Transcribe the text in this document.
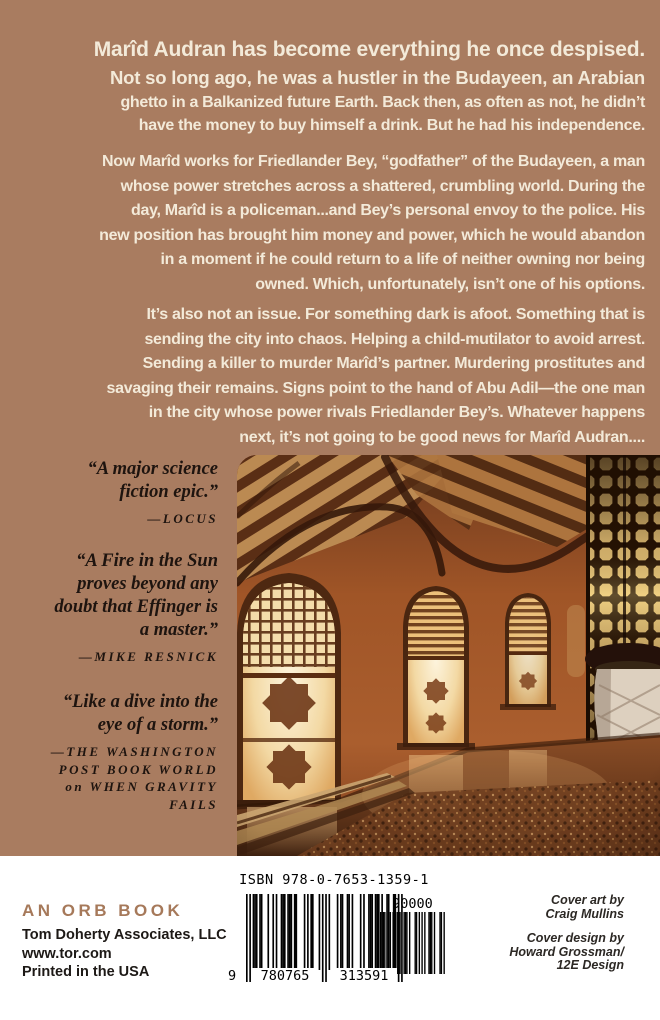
Marîd Audran has become everything he once despised.
Not so long ago, he was a hustler in the Budayeen, an Arabian
ghetto in a Balkanized future Earth. Back then, as often as not, he didn’t
have the money to buy himself a drink. But he had his independence.
Now Marîd works for Friedlander Bey, “godfather” of the Budayeen, a man
whose power stretches across a shattered, crumbling world. During the
day, Marîd is a policeman...and Bey’s personal envoy to the police. His
new position has brought him money and power, which he would abandon
in a moment if he could return to a life of neither owning nor being
owned. Which, unfortunately, isn’t one of his options.
It’s also not an issue. For something dark is afoot. Something that is
sending the city into chaos. Helping a child-mutilator to avoid arrest.
Sending a killer to murder Marîd’s partner. Murdering prostitutes and
savaging their remains. Signs point to the hand of Abu Adil—the one man
in the city whose power rivals Friedlander Bey’s. Whatever happens
next, it’s not going to be good news for Marîd Audran....
“A major science
fiction epic.”
—LOCUS
“A Fire in the Sun
proves beyond any
doubt that Effinger is
a master.”
—MIKE RESNICK
“Like a dive into the
eye of a storm.”
—THE WASHINGTON
POST BOOK WORLD
on WHEN GRAVITY
FAILS
AN ORB BOOK
Tom Doherty Associates, LLC
www.tor.com
Printed in the USA
ISBN 978-0-7653-1359-1
90000
9	780765	313591
Cover art by
Craig Mullins
Cover design by
Howard Grossman/
12E Design
